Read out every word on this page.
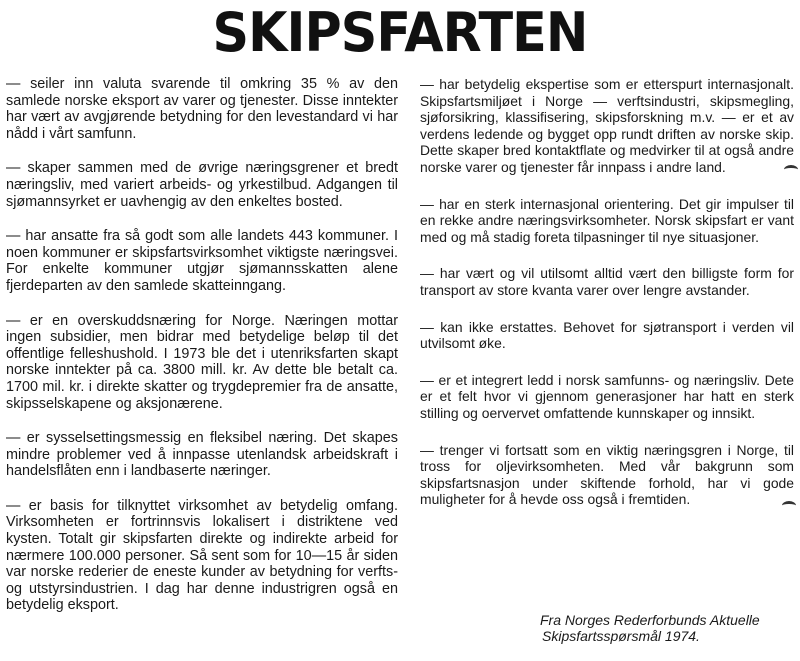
SKIPSFARTEN

— seiler inn valuta svarende til omkring 35 % av den samlede norske eksport av varer og tjenester. Disse inntekter har vært av avgjørende betydning for den levestandard vi har nådd i vårt samfunn.

— skaper sammen med de øvrige næringsgrener et bredt næringsliv, med variert arbeids- og yrkestilbud. Adgangen til sjømannsyrket er uavhengig av den enkeltes bosted.

— har ansatte fra så godt som alle landets 443 kommuner. I noen kommuner er skipsfartsvirksomhet viktigste næringsvei. For enkelte kommuner utgjør sjømannsskatten alene fjerdeparten av den samlede skatteinngang.

— er en overskuddsnæring for Norge. Næringen mottar ingen subsidier, men bidrar med betydelige beløp til det offentlige felleshushold. I 1973 ble det i utenriksfarten skapt norske inntekter på ca. 3800 mill. kr. Av dette ble betalt ca. 1700 mil. kr. i direkte skatter og trygdepremier fra de ansatte, skipsselskapene og aksjonærene.

— er sysselsettingsmessig en fleksibel næring. Det skapes mindre problemer ved å innpasse utenlandsk arbeidskraft i handelsflåten enn i landbaserte næringer.

— er basis for tilknyttet virksomhet av betydelig omfang. Virksomheten er fortrinnsvis lokalisert i distriktene ved kysten. Totalt gir skipsfarten direkte og indirekte arbeid for nærmere 100.000 personer. Så sent som for 10—15 år siden var norske rederier de eneste kunder av betydning for verfts- og utstyrsindustrien. I dag har denne industrigren også en betydelig eksport.

— har betydelig ekspertise som er etterspurt internasjonalt. Skipsfartsmiljøet i Norge — verftsindustri, skipsmegling, sjøforsikring, klassifisering, skipsforskning m.v. — er et av verdens ledende og bygget opp rundt driften av norske skip. Dette skaper bred kontaktflate og medvirker til at også andre norske varer og tjenester får innpass i andre land.

— har en sterk internasjonal orientering. Det gir impulser til en rekke andre næringsvirksomheter. Norsk skipsfart er vant med og må stadig foreta tilpasninger til nye situasjoner.

— har vært og vil utilsomt alltid vært den billigste form for transport av store kvanta varer over lengre avstander.

— kan ikke erstattes. Behovet for sjøtransport i verden vil utvilsomt øke.

— er et integrert ledd i norsk samfunns- og næringsliv. Dete er et felt hvor vi gjennom generasjoner har hatt en sterk stilling og oervervet omfattende kunnskaper og innsikt.

— trenger vi fortsatt som en viktig næringsgren i Norge, til tross for oljevirksomheten. Med vår bakgrunn som skipsfartsnasjon under skiftende forhold, har vi gode muligheter for å hevde oss også i fremtiden.

Fra Norges Rederforbunds Aktuelle
Skipsfartsspørsmål 1974.
